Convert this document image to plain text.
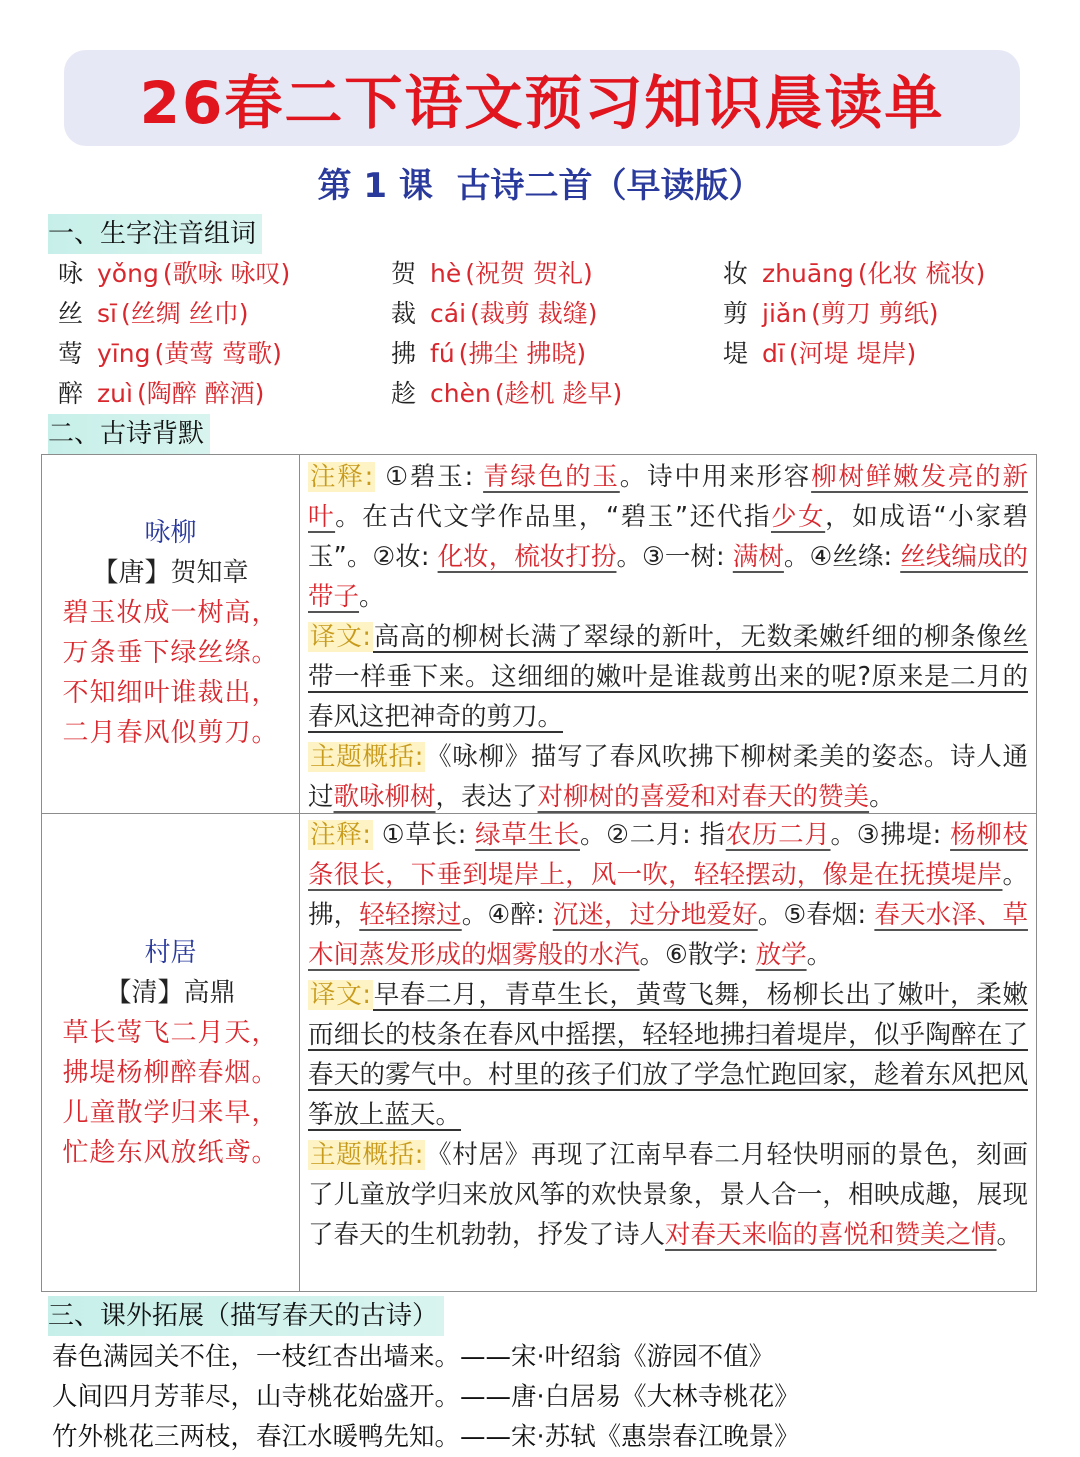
26春二下语文预习知识晨读单
第 1 课  古诗二首（早读版）
一、生字注音组词
咏 yǒng (歌咏 咏叹)	贺 hè (祝贺 贺礼)	妆 zhuāng (化妆 梳妆)
丝 sī (丝绸 丝巾)	裁 cái (裁剪 裁缝)	剪 jiǎn (剪刀 剪纸)
莺 yīng (黄莺 莺歌)	拂 fú (拂尘 拂晓)	堤 dī (河堤 堤岸)
醉 zuì (陶醉 醉酒)	趁 chèn (趁机 趁早)
二、古诗背默
咏柳
【唐】贺知章
碧玉妆成一树高，
万条垂下绿丝绦。
不知细叶谁裁出，
二月春风似剪刀。
注释: ①碧玉: 青绿色的玉。诗中用来形容柳树鲜嫩发亮的新叶。在古代文学作品里，“碧玉”还代指少女，如成语“小家碧玉”。②妆: 化妆，梳妆打扮。③一树: 满树。④丝绦: 丝线编成的带子。
译文:高高的柳树长满了翠绿的新叶，无数柔嫩纤细的柳条像丝带一样垂下来。这细细的嫩叶是谁裁剪出来的呢?原来是二月的春风这把神奇的剪刀。
主题概括:《咏柳》描写了春风吹拂下柳树柔美的姿态。诗人通过歌咏柳树，表达了对柳树的喜爱和对春天的赞美。
村居
【清】高鼎
草长莺飞二月天，
拂堤杨柳醉春烟。
儿童散学归来早，
忙趁东风放纸鸢。
注释: ①草长: 绿草生长。②二月: 指农历二月。③拂堤: 杨柳枝条很长，下垂到堤岸上，风一吹，轻轻摆动，像是在抚摸堤岸。拂，轻轻擦过。④醉: 沉迷，过分地爱好。⑤春烟: 春天水泽、草木间蒸发形成的烟雾般的水汽。⑥散学: 放学。
译文:早春二月，青草生长，黄莺飞舞，杨柳长出了嫩叶，柔嫩而细长的枝条在春风中摇摆，轻轻地拂扫着堤岸，似乎陶醉在了春天的雾气中。村里的孩子们放了学急忙跑回家，趁着东风把风筝放上蓝天。
主题概括:《村居》再现了江南早春二月轻快明丽的景色，刻画了儿童放学归来放风筝的欢快景象，景人合一，相映成趣，展现了春天的生机勃勃，抒发了诗人对春天来临的喜悦和赞美之情。
三、课外拓展（描写春天的古诗）
春色满园关不住，一枝红杏出墙来。——宋·叶绍翁《游园不值》
人间四月芳菲尽，山寺桃花始盛开。——唐·白居易《大林寺桃花》
竹外桃花三两枝，春江水暖鸭先知。——宋·苏轼《惠崇春江晚景》
